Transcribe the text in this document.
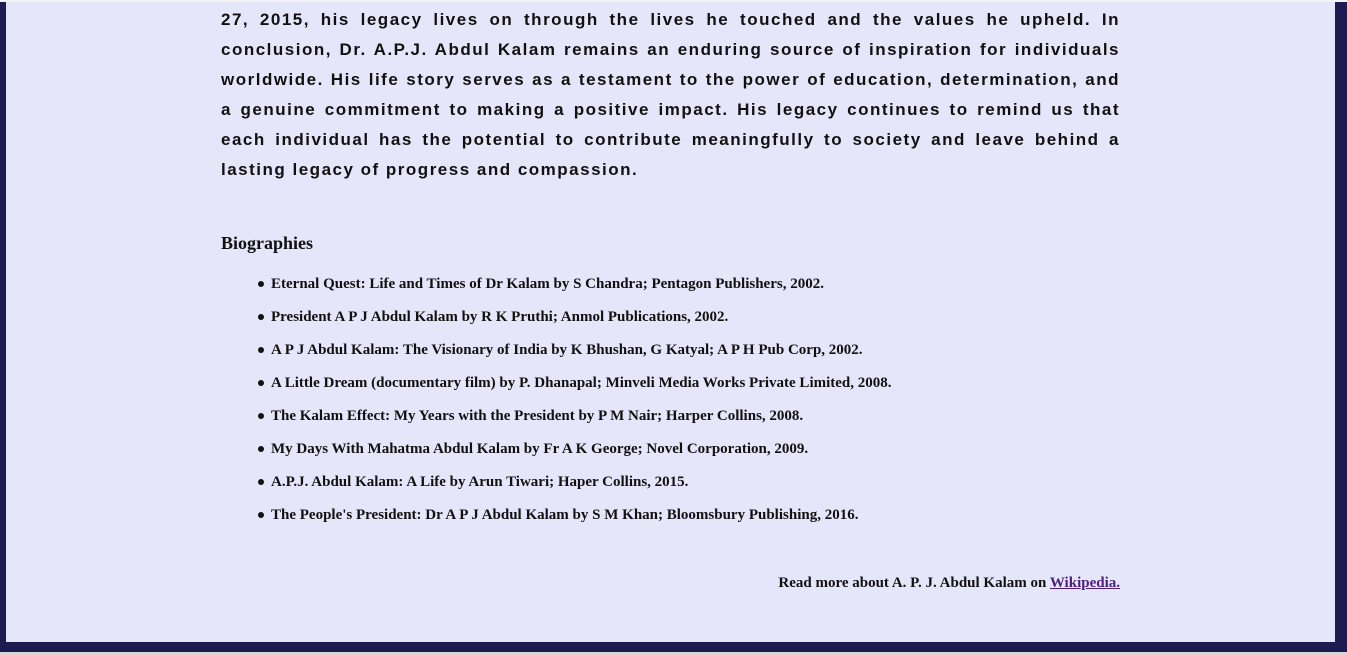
27, 2015, his legacy lives on through the lives he touched and the values he upheld. In conclusion, Dr. A.P.J. Abdul Kalam remains an enduring source of inspiration for individuals worldwide. His life story serves as a testament to the power of education, determination, and a genuine commitment to making a positive impact. His legacy continues to remind us that each individual has the potential to contribute meaningfully to society and leave behind a lasting legacy of progress and compassion.

Biographies
Eternal Quest: Life and Times of Dr Kalam by S Chandra; Pentagon Publishers, 2002.
President A P J Abdul Kalam by R K Pruthi; Anmol Publications, 2002.
A P J Abdul Kalam: The Visionary of India by K Bhushan, G Katyal; A P H Pub Corp, 2002.
A Little Dream (documentary film) by P. Dhanapal; Minveli Media Works Private Limited, 2008.
The Kalam Effect: My Years with the President by P M Nair; Harper Collins, 2008.
My Days With Mahatma Abdul Kalam by Fr A K George; Novel Corporation, 2009.
A.P.J. Abdul Kalam: A Life by Arun Tiwari; Haper Collins, 2015.
The People's President: Dr A P J Abdul Kalam by S M Khan; Bloomsbury Publishing, 2016.

Read more about A. P. J. Abdul Kalam on Wikipedia.
